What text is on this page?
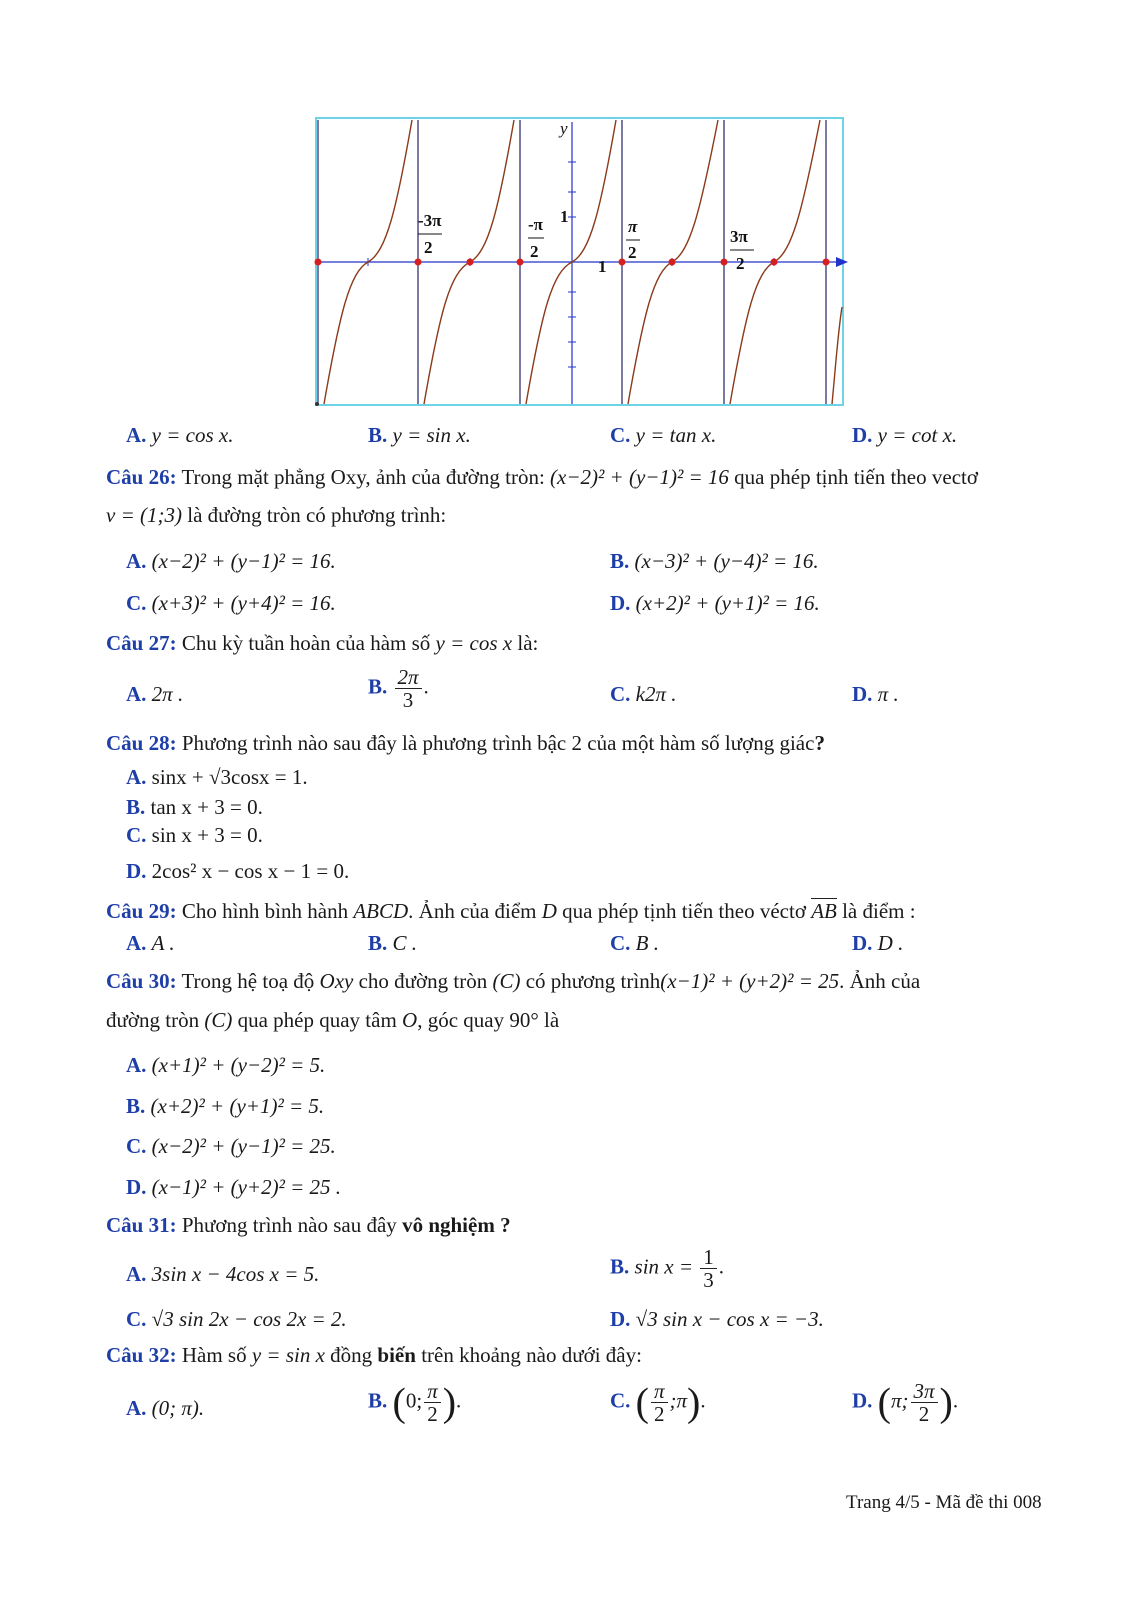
y
1
1
-3π
2
-π
2
π
2
3π
2
A. y = cos x.	B. y = sin x.	C. y = tan x.	D. y = cot x.
Câu 26: Trong mặt phẳng Oxy, ảnh của đường tròn: (x−2)² + (y−1)² = 16 qua phép tịnh tiến theo vectơ
v = (1;3) là đường tròn có phương trình:
A. (x−2)² + (y−1)² = 16.	B. (x−3)² + (y−4)² = 16.
C. (x+3)² + (y+4)² = 16.	D. (x+2)² + (y+1)² = 16.
Câu 27: Chu kỳ tuần hoàn của hàm số y = cos x là:
A. 2π .	B. $\frac{2\pi}{3}$ .	C. k2π .	D. π .
Câu 28: Phương trình nào sau đây là phương trình bậc 2 của một hàm số lượng giác?
A. sinx + √3cosx = 1.
B. tan x + 3 = 0.
C. sin x + 3 = 0.
D. 2cos² x − cos x − 1 = 0.
Câu 29: Cho hình bình hành ABCD. Ảnh của điểm D qua phép tịnh tiến theo véctơ AB là điểm :
A. A .	B. C .	C. B .	D. D .
Câu 30: Trong hệ toạ độ Oxy cho đường tròn (C) có phương trình(x−1)² + (y+2)² = 25. Ảnh của
đường tròn (C) qua phép quay tâm O, góc quay 90° là
A. (x+1)² + (y−2)² = 5.
B. (x+2)² + (y+1)² = 5.
C. (x−2)² + (y−1)² = 25.
D. (x−1)² + (y+2)² = 25 .
Câu 31: Phương trình nào sau đây vô nghiệm ?
A. 3sin x − 4cos x = 5.	B. $\sin x = \frac{1}{3}$ .
C. √3 sin 2x − cos 2x = 2.	D. √3 sin x − cos x = −3.
Câu 32: Hàm số y = sin x đồng biến trên khoảng nào dưới đây:
A. (0; π).	B. (0; $\frac{\pi}{2}$ ).	C. ( $\frac{\pi}{2}$ ;π).	D. (π; $\frac{3\pi}{2}$ ).
Trang 4/5 - Mã đề thi 008
